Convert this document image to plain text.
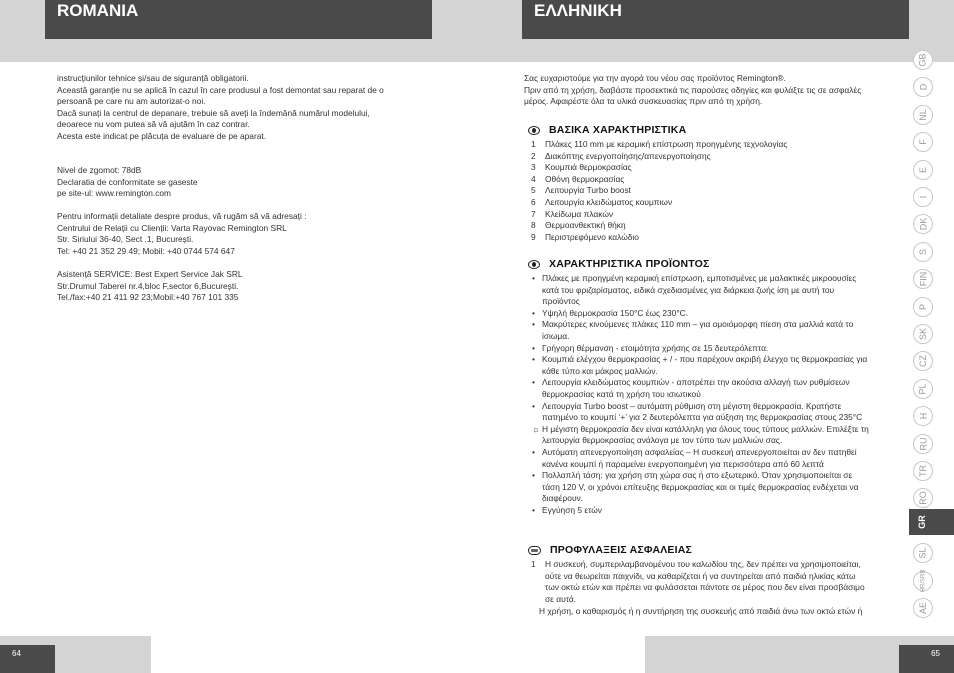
ROMANIA	ΕΛΛΗΝΙΚΗ
instrucțiunilor tehnice și/sau de siguranță obligatorii.
Această garanție nu se aplică în cazul în care produsul a fost demontat sau reparat de o
persoană pe care nu am autorizat-o noi.
Dacă sunați la centrul de depanare, trebuie să aveți la îndemână numărul modelului,
deoarece nu vom putea să vă ajutăm în caz contrar.
Acesta este indicat pe plăcuța de evaluare de pe aparat.
Nivel de zgomot: 78dB
Declaratia de conformitate se gaseste
pe site-ul: www.remington.com
Pentru informații detaliate despre produs, vă rugăm să vă adresați :
Centrului de Relații cu Clienții: Varta Rayovac Remington SRL
Str. Siriului 36-40, Sect .1, București.
Tel: +40 21 352 29 49; Mobil: +40 0744 574 647
Asistență SERVICE: Best Expert Service Jak SRL
Str.Drumul Taberei nr.4,bloc F,sector 6,București.
Tel./fax:+40 21 411 92 23;Mobil:+40 767 101 335
Σας ευχαριστούμε για την αγορά του νέου σας προϊόντος Remington®.
Πριν από τη χρήση, διαβάστε προσεκτικά τις παρούσες οδηγίες και φυλάξτε τις σε ασφαλές
μέρος. Αφαιρέστε όλα τα υλικά συσκευασίας πριν από τη χρήση.
ΒΑΣΙΚΑ ΧΑΡΑΚΤΗΡΙΣΤΙΚΑ
1	Πλάκες 110 mm με κεραμική επίστρωση προηγμένης τεχνολογίας
2	Διακόπτης ενεργοποίησης/απενεργοποίησης
3	Κουμπιά θερμοκρασίας
4	Οθόνη θερμοκρασίας
5	Λειτουργία Turbo boost
6	Λειτουργία κλειδώματος κουμπιων
7	Κλείδωμα πλακών
8	Θερμοανθεκτική θήκη
9	Περιστρεφόμενο καλώδιο
ΧΑΡΑΚΤΗΡΙΣΤΙΚΑ ΠΡΟΪΟΝΤΟΣ
• Πλάκες με προηγμένη κεραμική επίστρωση, εμποτισμένες με μαλακτικές μικροουσίες
κατά του φριζαρίσματος, ειδικά σχεδιασμένες για διάρκεια ζωής ίση με αυτή του
προϊόντος
• Υψηλή θερμοκρασία 150°C έως 230°C.
• Μακρύτερες κινούμενες πλάκες 110 mm – για ομοιόμορφη πίεση στα μαλλιά κατά το
ίσιωμα.
• Γρήγορη θέρμανση - ετοιμότητα χρήσης σε 15 δευτερόλεπτα.
• Κουμπιά ελέγχου θερμοκρασίας + / - που παρέχουν ακριβή έλεγχο τις θερμοκρασίας για
κάθε τύπο και μάκρος μαλλιών.
• Λειτουργία κλειδώματος κουμπιών - αποτρέπει την ακούσια αλλαγή των ρυθμίσεων
θερμοκρασίας κατά τη χρήση του ισιωτικού
• Λειτουργία Turbo boost – αυτόματη ρύθμιση στη μέγιστη θερμοκρασία. Κρατήστε
πατημένο το κουμπί ‘+’ για 2 δευτερόλεπτα για αύξηση της θερμοκρασίας στους 235°C
☼ Η μέγιστη θερμοκρασία δεν είναι κατάλληλη για όλους τους τύπους μαλλιών. Επιλέξτε τη
λειτουργία θερμοκρασίας ανάλογα με τον τύπο των μαλλιών σας.
• Αυτόματη απενεργοποίηση ασφαλείας – Η συσκευή απενεργοποιείται αν δεν πατηθεί
κανένα κουμπί ή παραμείνει ενεργοποιημένη για περισσότερα από 60 λεπτά
• Πολλαπλή τάση: για χρήση στη χώρα σας ή στο εξωτερικό. Όταν χρησιμοποιείται σε
τάση 120 V, οι χρόνοι επίτευξης θερμοκρασίας και οι τιμές θερμοκρασίας ενδέχεται να
διαφέρουν.
• Εγγύηση 5 ετών
ΠΡΟΦΥΛΑΞΕΙΣ ΑΣΦΑΛΕΙΑΣ
1	Η συσκευή, συμπεριλαμβανομένου του καλωδίου της, δεν πρέπει να χρησιμοποιείται,
ούτε να θεωρείται παιχνίδι, να καθαρίζεται ή να συντηρείται από παιδιά ηλικίας κάτω
των οκτώ ετών και πρέπει να φυλάσσεται πάντοτε σε μέρος που δεν είναι προσβάσιμο
σε αυτά.
Η χρήση, ο καθαρισμός ή η συντήρηση της συσκευής από παιδιά άνω των οκτώ ετών ή
GB
D
NL
F
E
I
DK
S
FIN
P
SK
CZ
PL
H
RU
TR
RO
GR
SL
HR/SRB
AE
64	65
